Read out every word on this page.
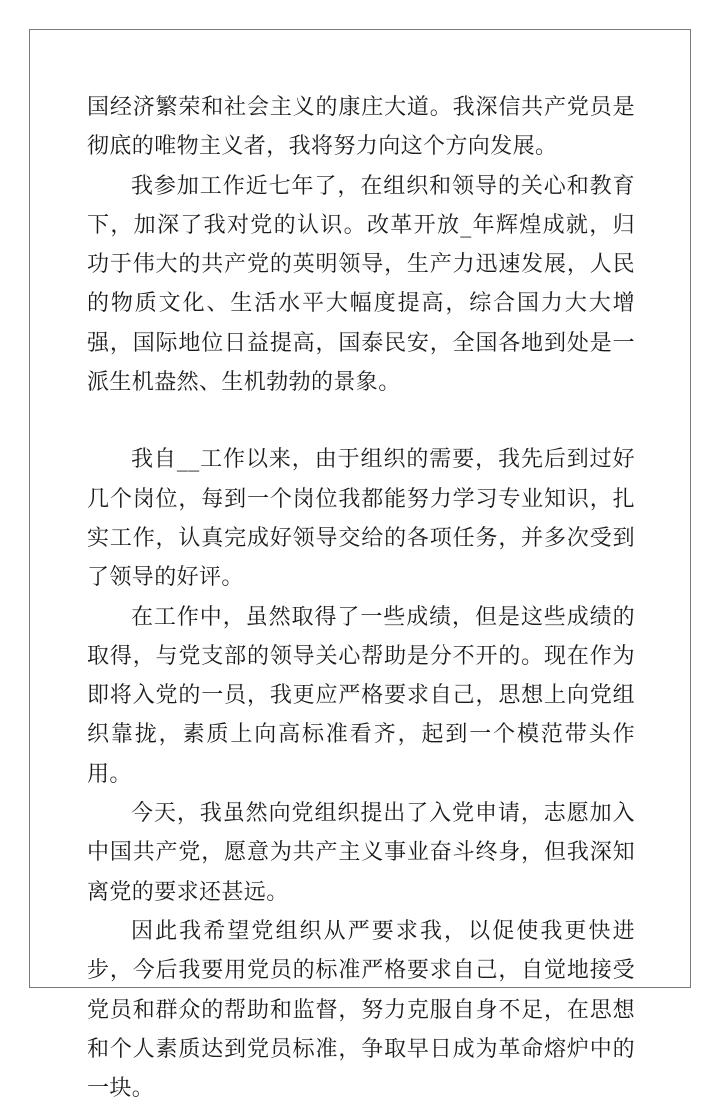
国经济繁荣和社会主义的康庄大道。我深信共产党员是彻底的唯物主义者，我将努力向这个方向发展。

我参加工作近七年了，在组织和领导的关心和教育下，加深了我对党的认识。改革开放_年辉煌成就，归功于伟大的共产党的英明领导，生产力迅速发展，人民的物质文化、生活水平大幅度提高，综合国力大大增强，国际地位日益提高，国泰民安，全国各地到处是一派生机盎然、生机勃勃的景象。

我自__工作以来，由于组织的需要，我先后到过好几个岗位，每到一个岗位我都能努力学习专业知识，扎实工作，认真完成好领导交给的各项任务，并多次受到了领导的好评。

在工作中，虽然取得了一些成绩，但是这些成绩的取得，与党支部的领导关心帮助是分不开的。现在作为即将入党的一员，我更应严格要求自己，思想上向党组织靠拢，素质上向高标准看齐，起到一个模范带头作用。

今天，我虽然向党组织提出了入党申请，志愿加入中国共产党，愿意为共产主义事业奋斗终身，但我深知离党的要求还甚远。

因此我希望党组织从严要求我，以促使我更快进步，今后我要用党员的标准严格要求自己，自觉地接受党员和群众的帮助和监督，努力克服自身不足，在思想和个人素质达到党员标准，争取早日成为革命熔炉中的一块。
